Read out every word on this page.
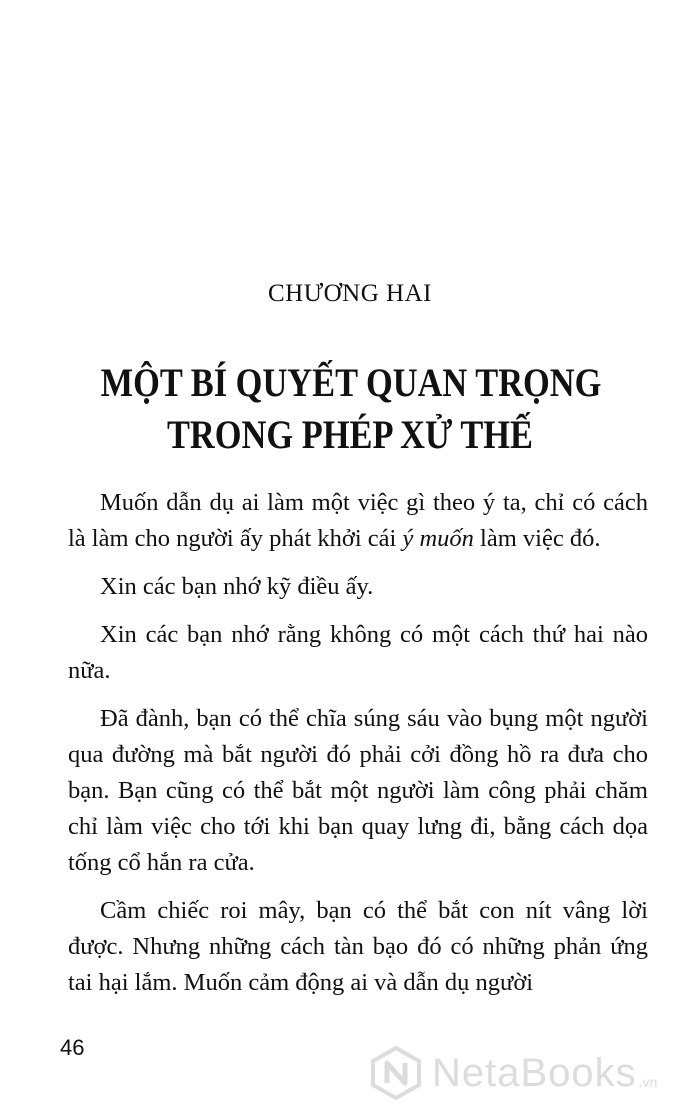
CHƯƠNG HAI
MỘT BÍ QUYẾT QUAN TRỌNG
TRONG PHÉP XỬ THẾ

Muốn dẫn dụ ai làm một việc gì theo ý ta, chỉ có cách là làm cho người ấy phát khởi cái ý muốn làm việc đó.

Xin các bạn nhớ kỹ điều ấy.

Xin các bạn nhớ rằng không có một cách thứ hai nào nữa.

Đã đành, bạn có thể chĩa súng sáu vào bụng một người qua đường mà bắt người đó phải cởi đồng hồ ra đưa cho bạn. Bạn cũng có thể bắt một người làm công phải chăm chỉ làm việc cho tới khi bạn quay lưng đi, bằng cách dọa tống cổ hắn ra cửa.

Cầm chiếc roi mây, bạn có thể bắt con nít vâng lời được. Nhưng những cách tàn bạo đó có những phản ứng tai hại lắm. Muốn cảm động ai và dẫn dụ người

46
NetaBooks .vn
